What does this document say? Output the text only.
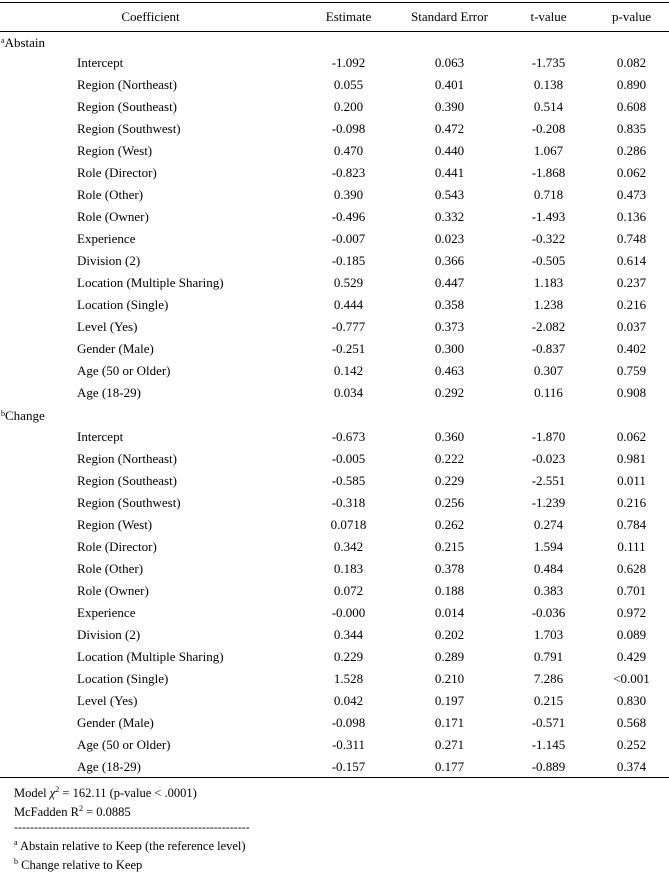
Coefficient		Estimate	Standard Error	t-value	p-value
$^a$Abstain					
	Intercept	-1.092	0.063	-1.735	0.082
	Region (Northeast)	0.055	0.401	0.138	0.890
	Region (Southeast)	0.200	0.390	0.514	0.608
	Region (Southwest)	-0.098	0.472	-0.208	0.835
	Region (West)	0.470	0.440	1.067	0.286
	Role (Director)	-0.823	0.441	-1.868	0.062
	Role (Other)	0.390	0.543	0.718	0.473
	Role (Owner)	-0.496	0.332	-1.493	0.136
	Experience	-0.007	0.023	-0.322	0.748
	Division (2)	-0.185	0.366	-0.505	0.614
	Location (Multiple Sharing)	0.529	0.447	1.183	0.237
	Location (Single)	0.444	0.358	1.238	0.216
	Level (Yes)	-0.777	0.373	-2.082	0.037
	Gender (Male)	-0.251	0.300	-0.837	0.402
	Age (50 or Older)	0.142	0.463	0.307	0.759
	Age (18-29)	0.034	0.292	0.116	0.908
$^b$Change					
	Intercept	-0.673	0.360	-1.870	0.062
	Region (Northeast)	-0.005	0.222	-0.023	0.981
	Region (Southeast)	-0.585	0.229	-2.551	0.011
	Region (Southwest)	-0.318	0.256	-1.239	0.216
	Region (West)	0.0718	0.262	0.274	0.784
	Role (Director)	0.342	0.215	1.594	0.111
	Role (Other)	0.183	0.378	0.484	0.628
	Role (Owner)	0.072	0.188	0.383	0.701
	Experience	-0.000	0.014	-0.036	0.972
	Division (2)	0.344	0.202	1.703	0.089
	Location (Multiple Sharing)	0.229	0.289	0.791	0.429
	Location (Single)	1.528	0.210	7.286	<0.001
	Level (Yes)	0.042	0.197	0.215	0.830
	Gender (Male)	-0.098	0.171	-0.571	0.568
	Age (50 or Older)	-0.311	0.271	-1.145	0.252
	Age (18-29)	-0.157	0.177	-0.889	0.374
Model $\chi^2 = 162.11$ (p-value < .0001)
McFadden $R^2 = 0.0885$
-----------------------------------------------------------
$^a$ Abstain relative to Keep (the reference level)
$^b$ Change relative to Keep
